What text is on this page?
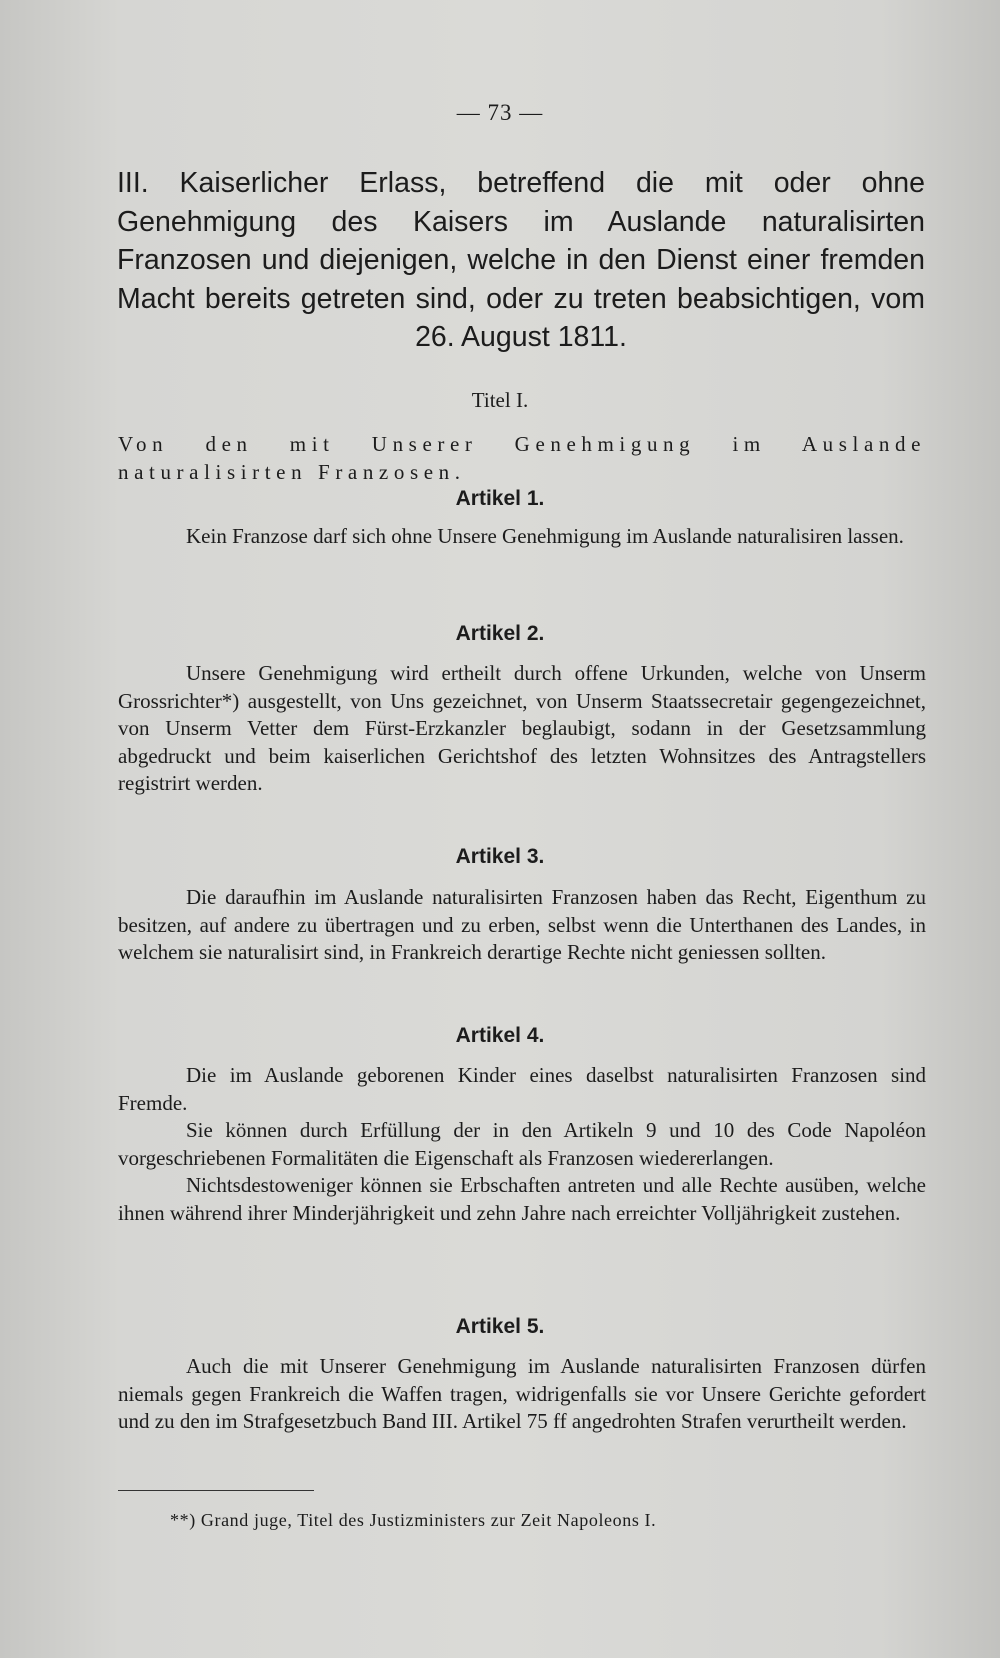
— 73 —
III. Kaiserlicher Erlass, betreffend die mit oder ohne Genehmigung des Kaisers im Auslande naturalisirten Franzosen und diejenigen, welche in den Dienst einer fremden Macht bereits getreten sind, oder zu treten beabsichtigen, vom 26. August 1811.
Titel I.

Von den mit Unserer Genehmigung im Auslande naturalisirten Franzosen.

Artikel 1.

Kein Franzose darf sich ohne Unsere Genehmigung im Auslande naturalisiren lassen.

Artikel 2.

Unsere Genehmigung wird ertheilt durch offene Urkunden, welche von Unserm Grossrichter*) ausgestellt, von Uns gezeichnet, von Unserm Staatssecretair gegengezeichnet, von Unserm Vetter dem Fürst-Erzkanzler beglaubigt, sodann in der Gesetzsammlung abgedruckt und beim kaiserlichen Gerichtshof des letzten Wohnsitzes des Antragstellers registrirt werden.

Artikel 3.

Die daraufhin im Auslande naturalisirten Franzosen haben das Recht, Eigenthum zu besitzen, auf andere zu übertragen und zu erben, selbst wenn die Unterthanen des Landes, in welchem sie naturalisirt sind, in Frankreich derartige Rechte nicht geniessen sollten.

Artikel 4.

Die im Auslande geborenen Kinder eines daselbst naturalisirten Franzosen sind Fremde.

Sie können durch Erfüllung der in den Artikeln 9 und 10 des Code Napoléon vorgeschriebenen Formalitäten die Eigenschaft als Franzosen wiedererlangen.

Nichtsdestoweniger können sie Erbschaften antreten und alle Rechte ausüben, welche ihnen während ihrer Minderjährigkeit und zehn Jahre nach erreichter Volljährigkeit zustehen.

Artikel 5.

Auch die mit Unserer Genehmigung im Auslande naturalisirten Franzosen dürfen niemals gegen Frankreich die Waffen tragen, widrigenfalls sie vor Unsere Gerichte gefordert und zu den im Strafgesetzbuch Band III. Artikel 75 ff angedrohten Strafen verurtheilt werden.

**) Grand juge, Titel des Justizministers zur Zeit Napoleons I.
